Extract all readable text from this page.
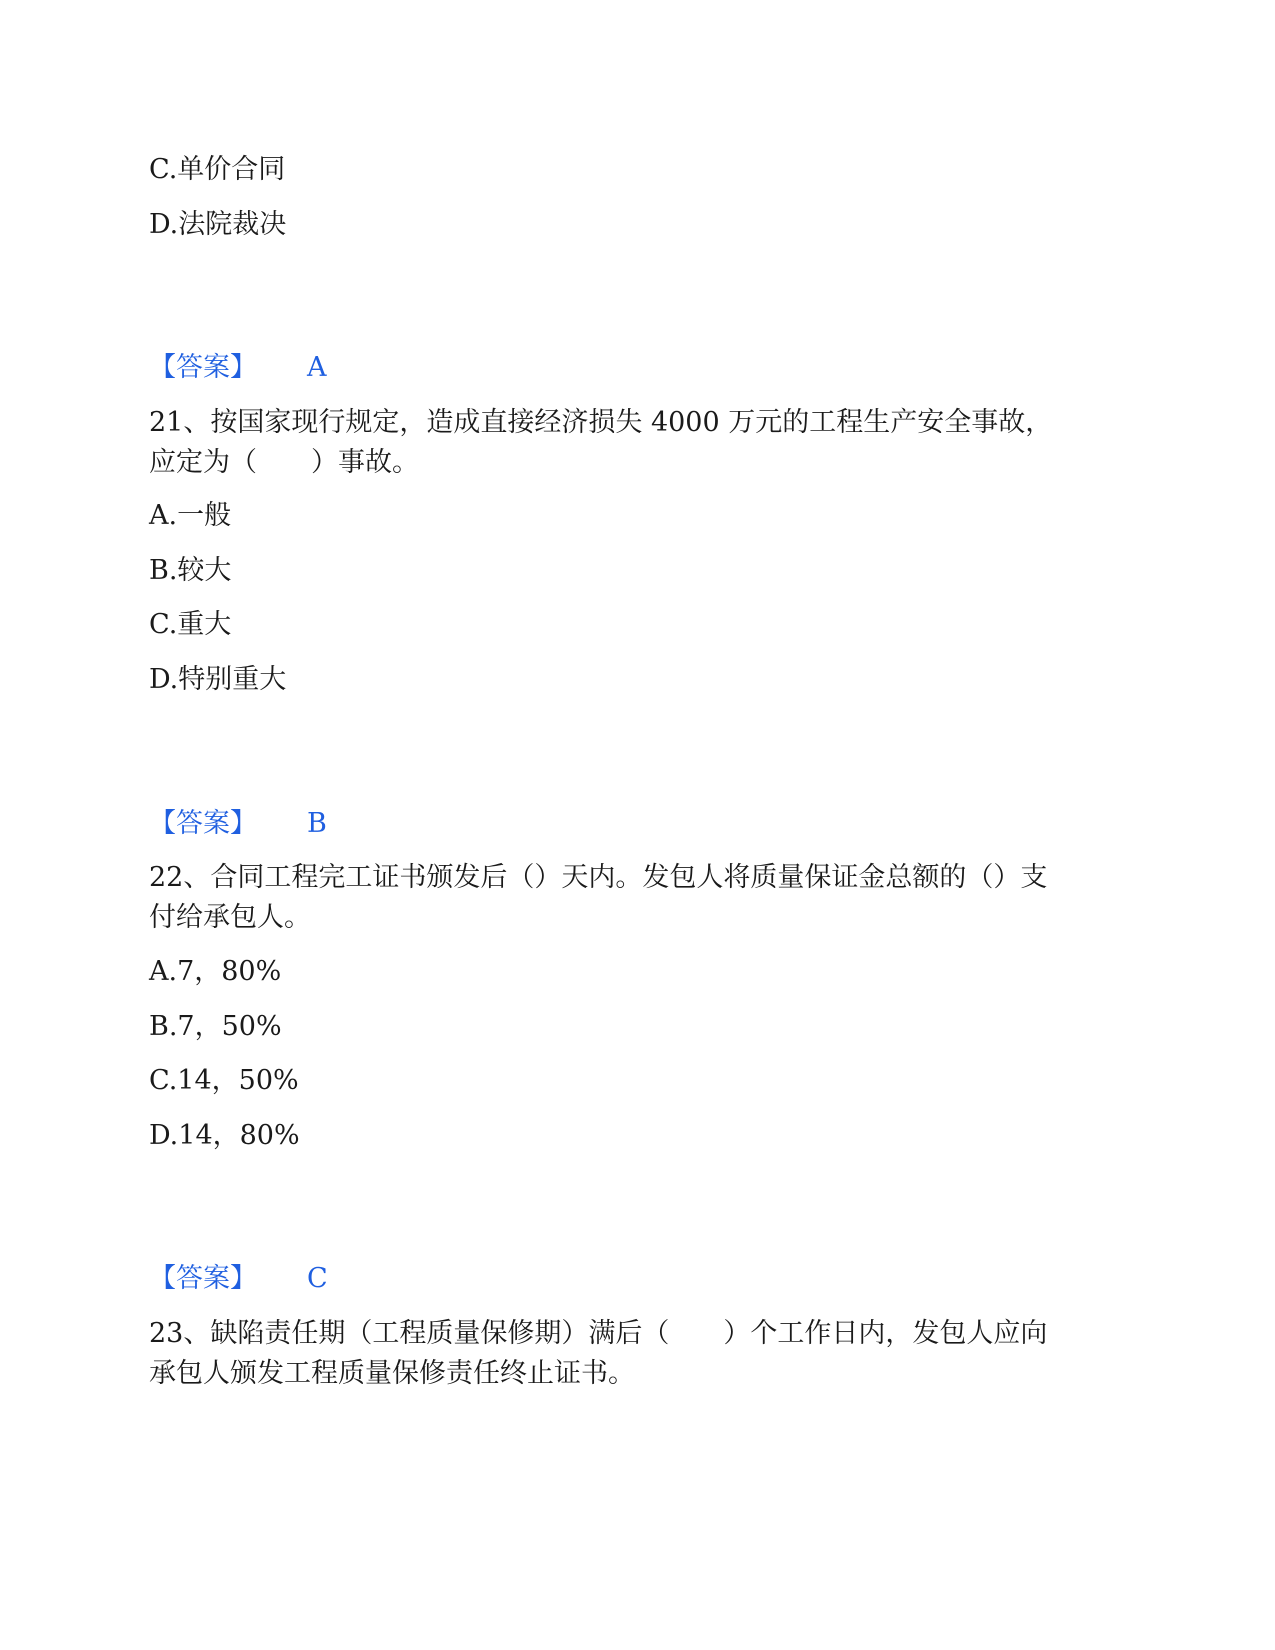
C.单价合同
D.法院裁决
【答案】 A
21、按国家现行规定，造成直接经济损失 4000 万元的工程生产安全事故，
应定为（　　）事故。
A.一般
B.较大
C.重大
D.特别重大
【答案】 B
22、合同工程完工证书颁发后（）天内。发包人将质量保证金总额的（）支
付给承包人。
A.7，80%
B.7，50%
C.14，50%
D.14，80%
【答案】 C
23、缺陷责任期（工程质量保修期）满后（　　）个工作日内，发包人应向
承包人颁发工程质量保修责任终止证书。
